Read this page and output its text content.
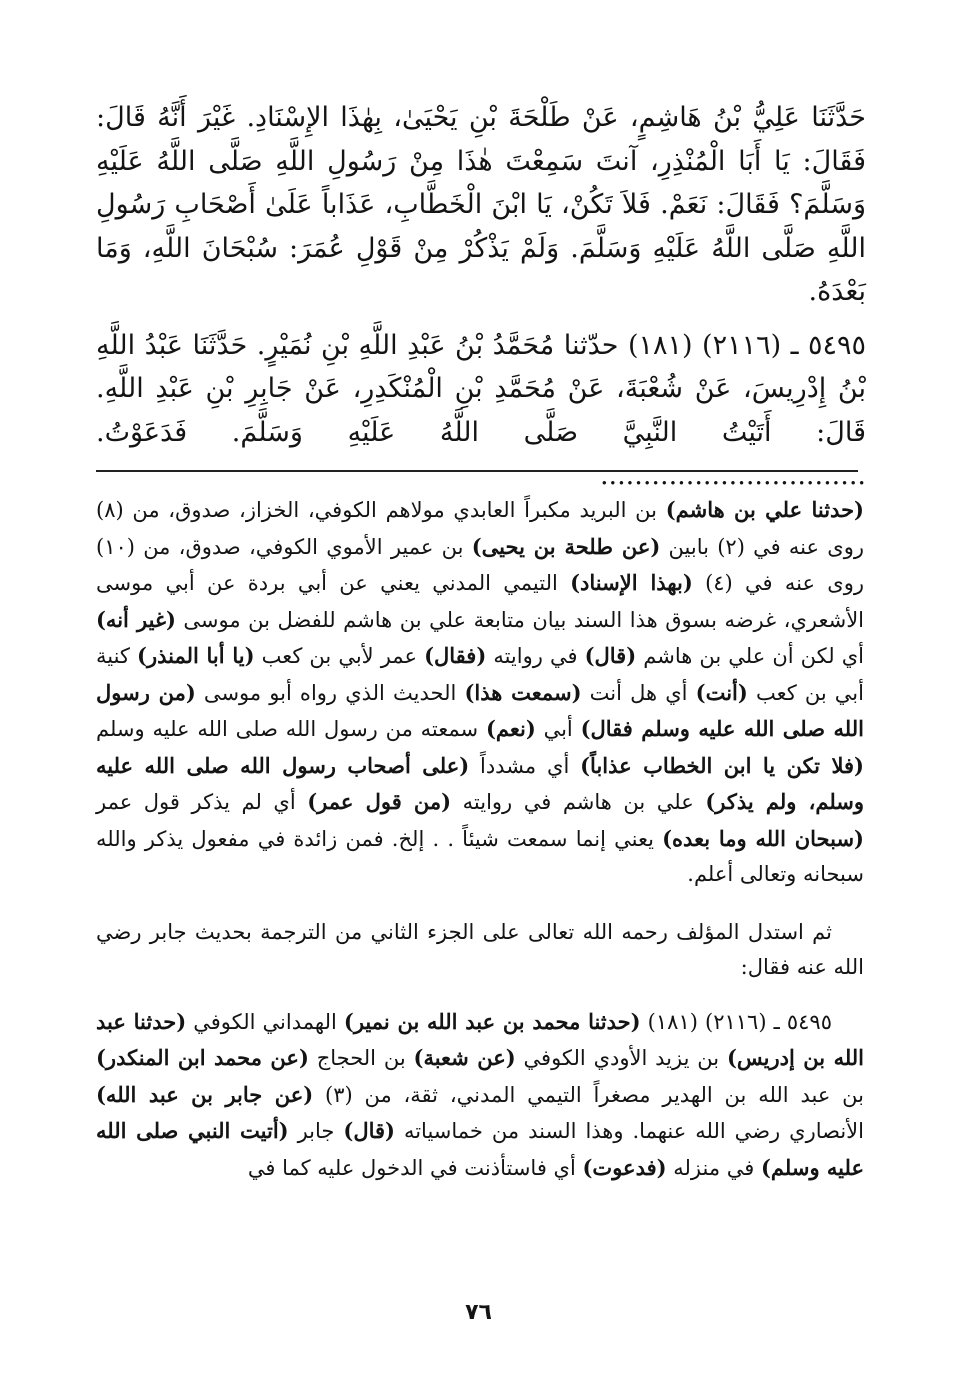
حَدَّثَنَا عَلِيُّ بْنُ هَاشِمٍ، عَنْ طَلْحَةَ بْنِ يَحْيَىٰ، بِهٰذَا الإِسْنَادِ. غَيْرَ أَنَّهُ قَالَ: فَقَالَ: يَا أَبَا الْمُنْذِرِ، آنتَ سَمِعْتَ هٰذَا مِنْ رَسُولِ اللَّهِ صَلَّى اللَّهُ عَلَيْهِ وَسَلَّمَ؟ فَقَالَ: نَعَمْ. فَلاَ تَكُنْ، يَا ابْنَ الْخَطَّابِ، عَذَاباً عَلَىٰ أَصْحَابِ رَسُولِ اللَّهِ صَلَّى اللَّهُ عَلَيْهِ وَسَلَّمَ. وَلَمْ يَذْكُرْ مِنْ قَوْلِ عُمَرَ: سُبْحَانَ اللَّهِ، وَمَا بَعْدَهُ.

٥٤٩٥ ـ (٢١١٦) (١٨١) حدّثنا مُحَمَّدُ بْنُ عَبْدِ اللَّهِ بْنِ نُمَيْرٍ. حَدَّثَنَا عَبْدُ اللَّهِ بْنُ إِدْرِيسَ، عَنْ شُعْبَةَ، عَنْ مُحَمَّدِ بْنِ الْمُنْكَدِرِ، عَنْ جَابِرِ بْنِ عَبْدِ اللَّهِ. قَالَ: أَتَيْتُ النَّبِيَّ صَلَّى اللَّهُ عَلَيْهِ وَسَلَّمَ. فَدَعَوْتُ. ...............................

(حدثنا علي بن هاشم) بن البريد مكبراً العابدي مولاهم الكوفي، الخزاز، صدوق، من (٨) روى عنه في (٢) بابين (عن طلحة بن يحيى) بن عمير الأموي الكوفي، صدوق، من (١٠) روى عنه في (٤) (بهذا الإسناد) التيمي المدني يعني عن أبي بردة عن أبي موسى الأشعري، غرضه بسوق هذا السند بيان متابعة علي بن هاشم للفضل بن موسى (غير أنه) أي لكن أن علي بن هاشم (قال) في روايته (فقال) عمر لأبي بن كعب (يا أبا المنذر) كنية أبي بن كعب (أنت) أي هل أنت (سمعت هذا) الحديث الذي رواه أبو موسى (من رسول الله صلى الله عليه وسلم فقال) أبي (نعم) سمعته من رسول الله صلى الله عليه وسلم (فلا تكن يا ابن الخطاب عذاباً) أي مشدداً (على أصحاب رسول الله صلى الله عليه وسلم، ولم يذكر) علي بن هاشم في روايته (من قول عمر) أي لم يذكر قول عمر (سبحان الله وما بعده) يعني إنما سمعت شيئاً . . إلخ. فمن زائدة في مفعول يذكر والله سبحانه وتعالى أعلم.

ثم استدل المؤلف رحمه الله تعالى على الجزء الثاني من الترجمة بحديث جابر رضي الله عنه فقال:

٥٤٩٥ ـ (٢١١٦) (١٨١) (حدثنا محمد بن عبد الله بن نمير) الهمداني الكوفي (حدثنا عبد الله بن إدريس) بن يزيد الأودي الكوفي (عن شعبة) بن الحجاج (عن محمد ابن المنكدر) بن عبد الله بن الهدير مصغراً التيمي المدني، ثقة، من (٣) (عن جابر بن عبد الله) الأنصاري رضي الله عنهما. وهذا السند من خماسياته (قال) جابر (أتيت النبي صلى الله عليه وسلم) في منزله (فدعوت) أي فاستأذنت في الدخول عليه كما في

٧٦
